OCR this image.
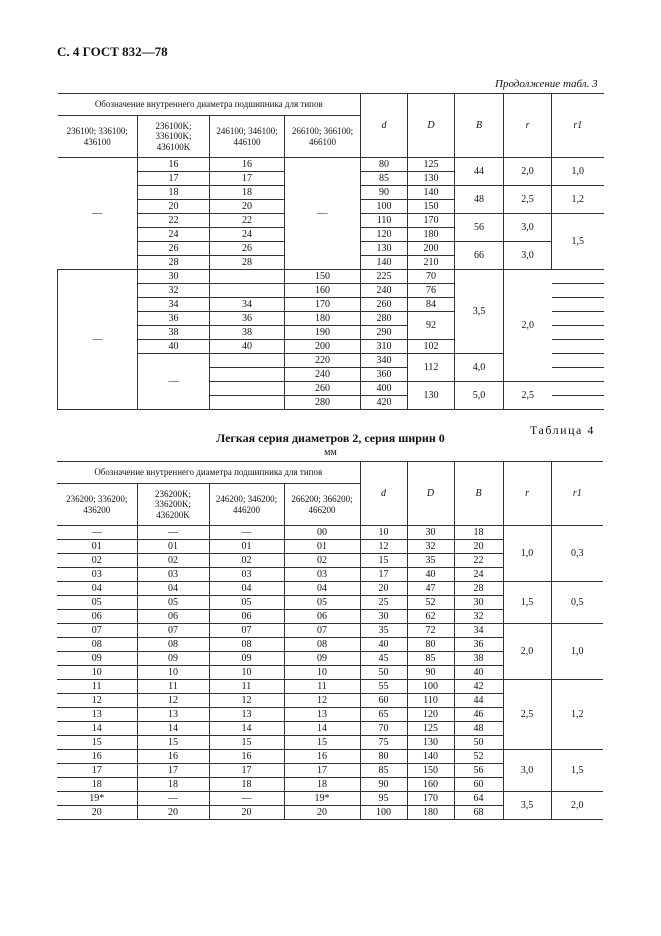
С. 4 ГОСТ 832—78
Продолжение табл. 3
Обозначение внутреннего диаметра подшипника для типов				d	D	B	r	r1
236100; 336100; 436100	236100K; 336100K; 436100K	246100; 346100; 446100	266100; 366100; 466100					
—	16	16	—	80	125	44	2,0	1,0
	17	17		85	130			
	18	18		90	140	48	2,5	1,2
	20	20		100	150			
	22	22		110	170	56	3,0	1,5
	24	24		120	180			
	26	26		130	200	66	3,0	
	28	28		140	210			
—	30		150	225	70	3,5	2,0	
	32		160	240	76			
	34	34	170	260	84			
	36	36	180	280	92			
	38	38	190	290				
	40	40	200	310	102			
	—		220	340	112	4,0		
			240	360				
			260	400	130	5,0	2,5	
			280	420				
Таблица 4
Легкая серия диаметров 2, серия ширин 0
мм
Обозначение внутреннего диаметра подшипника для типов				d	D	B	r	r1
236200; 336200; 436200	236200K; 336200K; 436200K	246200; 346200; 446200	266200; 366200; 466200					
—	—	—	00	10	30	18	1,0	0,3
01	01	01	01	12	32	20		
02	02	02	02	15	35	22		
03	03	03	03	17	40	24		
04	04	04	04	20	47	28	1,5	0,5
05	05	05	05	25	52	30		
06	06	06	06	30	62	32		
07	07	07	07	35	72	34	2,0	1,0
08	08	08	08	40	80	36		
09	09	09	09	45	85	38		
10	10	10	10	50	90	40		
11	11	11	11	55	100	42	2,5	1,2
12	12	12	12	60	110	44		
13	13	13	13	65	120	46		
14	14	14	14	70	125	48		
15	15	15	15	75	130	50		
16	16	16	16	80	140	52	3,0	1,5
17	17	17	17	85	150	56		
18	18	18	18	90	160	60		
19*	—	—	19*	95	170	64	3,5	2,0
20	20	20	20	100	180	68		
